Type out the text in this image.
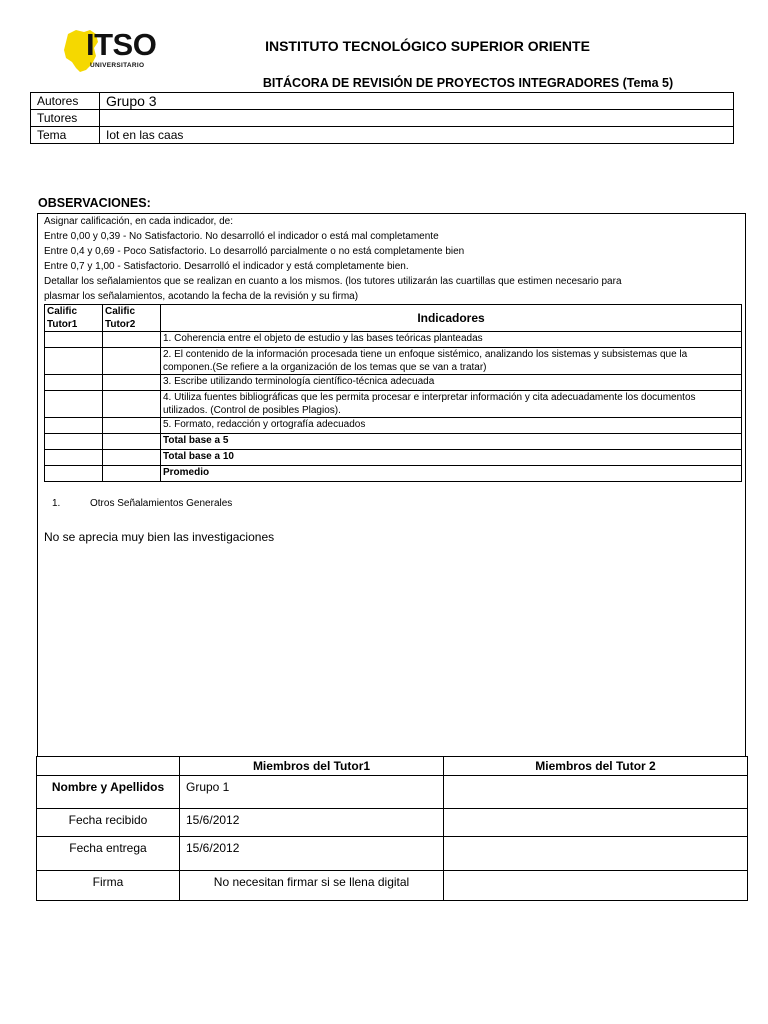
ITSO
UNIVERSITARIO
INSTITUTO TECNOLÓGICO SUPERIOR ORIENTE
BITÁCORA DE REVISIÓN DE PROYECTOS INTEGRADORES (Tema 5)
Autores	Grupo 3
Tutores	
Tema	Iot en las caas
OBSERVACIONES:
Asignar calificación, en cada indicador, de:
Entre 0,00 y 0,39 - No Satisfactorio. No desarrolló el indicador o está mal completamente
Entre 0,4 y 0,69 - Poco Satisfactorio. Lo desarrolló parcialmente o no está completamente bien
Entre 0,7 y 1,00 - Satisfactorio. Desarrolló el indicador y está completamente bien.
Detallar los señalamientos que se realizan en cuanto a los mismos. (los tutores utilizarán las cuartillas que estimen necesario para
plasmar los señalamientos, acotando la fecha de la revisión y su firma)
Calific Tutor1	Calific Tutor2	Indicadores
		1. Coherencia entre el objeto de estudio y las bases teóricas planteadas
		2. El contenido de la información procesada tiene un enfoque sistémico, analizando los sistemas y subsistemas que la componen.(Se refiere a la organización de los temas que se van a tratar)
		3. Escribe utilizando terminología científico-técnica adecuada
		4. Utiliza fuentes bibliográficas que les permita procesar e interpretar información y cita adecuadamente los documentos utilizados. (Control de posibles Plagios).
		5. Formato, redacción y ortografía adecuados
		Total base a 5
		Total base a 10
		Promedio
1.	Otros Señalamientos Generales
No se aprecia muy bien las investigaciones
	Miembros del Tutor1	Miembros del Tutor 2
Nombre y Apellidos	Grupo 1	
Fecha recibido	15/6/2012	
Fecha entrega	15/6/2012	
Firma	No necesitan firmar si se llena digital	
